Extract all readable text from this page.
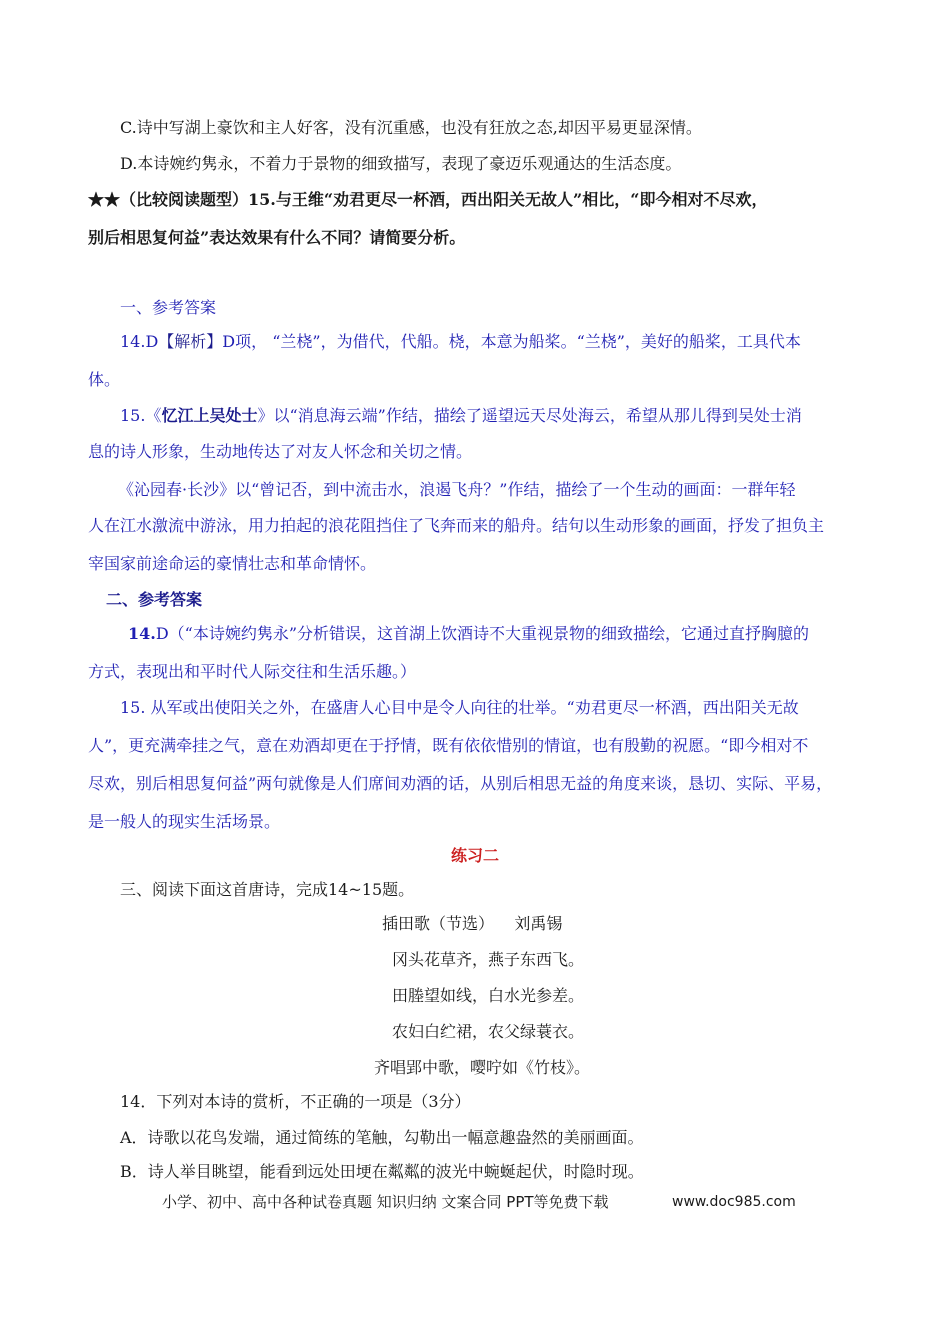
C.诗中写湖上豪饮和主人好客，没有沉重感，也没有狂放之态,却因平易更显深情。
D.本诗婉约隽永，不着力于景物的细致描写，表现了豪迈乐观通达的生活态度。
★★（比较阅读题型）15.与王维“劝君更尽一杯酒，西出阳关无故人”相比，“即今相对不尽欢，
别后相思复何益”表达效果有什么不同？请简要分析。
一、参考答案
14.D【解析】D项， “兰桡”，为借代，代船。桡，本意为船桨。“兰桡”，美好的船桨，工具代本
体。
15.《忆江上吴处士》以“消息海云端”作结，描绘了遥望远天尽处海云，希望从那儿得到吴处士消
息的诗人形象，生动地传达了对友人怀念和关切之情。
《沁园春·长沙》以“曾记否，到中流击水，浪遏飞舟？”作结，描绘了一个生动的画面：一群年轻
人在江水激流中游泳，用力拍起的浪花阻挡住了飞奔而来的船舟。结句以生动形象的画面，抒发了担负主
宰国家前途命运的豪情壮志和革命情怀。
二、参考答案
14.D（“本诗婉约隽永”分析错误，这首湖上饮酒诗不大重视景物的细致描绘，它通过直抒胸臆的
方式，表现出和平时代人际交往和生活乐趣。）
15. 从军或出使阳关之外，在盛唐人心目中是令人向往的壮举。“劝君更尽一杯酒，西出阳关无故
人”，更充满牵挂之气，意在劝酒却更在于抒情，既有依依惜别的情谊，也有殷勤的祝愿。“即今相对不
尽欢，别后相思复何益”两句就像是人们席间劝酒的话，从别后相思无益的角度来谈，恳切、实际、平易，
是一般人的现实生活场景。
练习二
三、阅读下面这首唐诗，完成14~15题。
插田歌（节选）    刘禹锡
冈头花草齐，燕子东西飞。
田塍望如线，白水光参差。
农妇白纻裙，农父绿蓑衣。
齐唱郢中歌，嘤咛如《竹枝》。
14．下列对本诗的赏析，不正确的一项是（3分）
A．诗歌以花鸟发端，通过简练的笔触，勾勒出一幅意趣盎然的美丽画面。
B．诗人举目眺望，能看到远处田埂在粼粼的波光中蜿蜒起伏，时隐时现。
小学、初中、高中各种试卷真题 知识归纳 文案合同 PPT等免费下载	www.doc985.com
